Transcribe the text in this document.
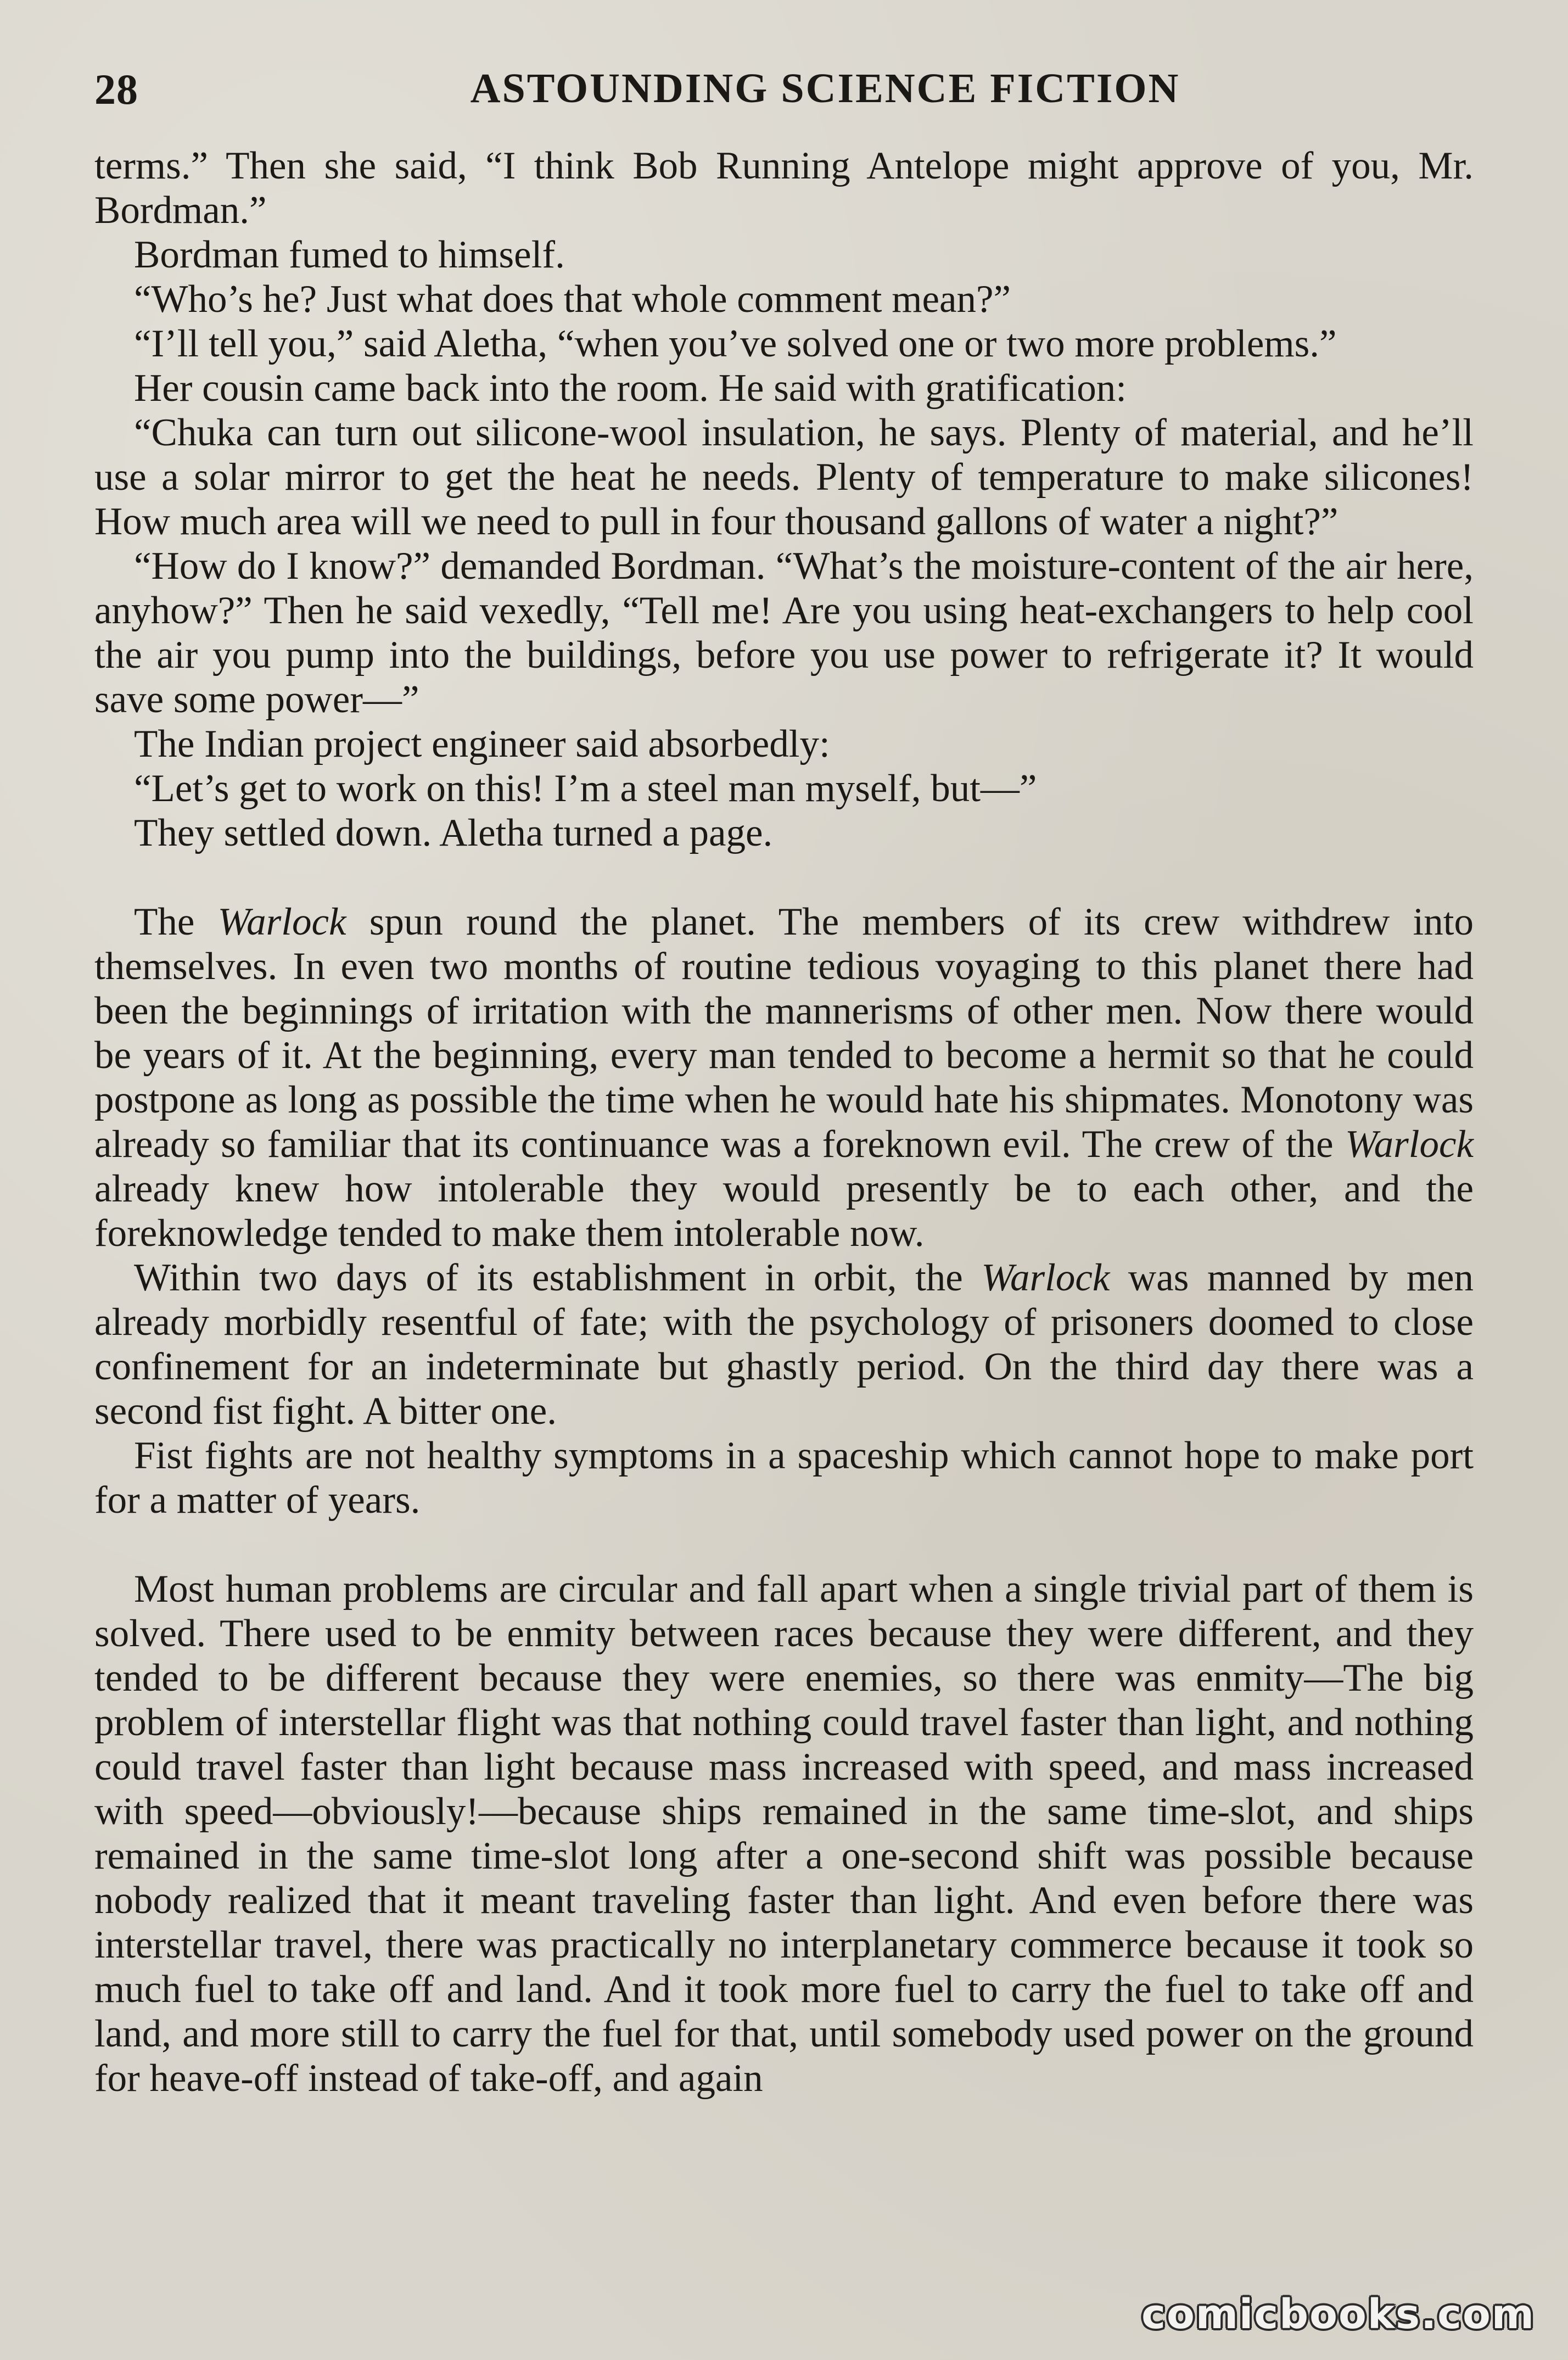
28	ASTOUNDING SCIENCE FICTION

terms.” Then she said, “I think Bob Running Antelope might approve of you, Mr. Bordman.”

Bordman fumed to himself.

“Who’s he? Just what does that whole comment mean?”

“I’ll tell you,” said Aletha, “when you’ve solved one or two more problems.”

Her cousin came back into the room. He said with gratification:

“Chuka can turn out silicone-wool insulation, he says. Plenty of material, and he’ll use a solar mirror to get the heat he needs. Plenty of temperature to make silicones! How much area will we need to pull in four thousand gallons of water a night?”

“How do I know?” demanded Bordman. “What’s the moisture-content of the air here, anyhow?” Then he said vexedly, “Tell me! Are you using heat-exchangers to help cool the air you pump into the buildings, before you use power to refrigerate it? It would save some power—”

The Indian project engineer said absorbedly:

“Let’s get to work on this! I’m a steel man myself, but—”

They settled down. Aletha turned a page.

The Warlock spun round the planet. The members of its crew withdrew into themselves. In even two months of routine tedious voyaging to this planet there had been the beginnings of irritation with the mannerisms of other men. Now there would be years of it. At the beginning, every man tended to become a hermit so that he could postpone as long as possible the time when he would hate his shipmates. Monotony was already so familiar that its continuance was a foreknown evil. The crew of the Warlock already knew how intolerable they would presently be to each other, and the foreknowledge tended to make them intolerable now.

Within two days of its establishment in orbit, the Warlock was manned by men already morbidly resentful of fate; with the psychology of prisoners doomed to close confinement for an indeterminate but ghastly period. On the third day there was a second fist fight. A bitter one.

Fist fights are not healthy symptoms in a spaceship which cannot hope to make port for a matter of years.

Most human problems are circular and fall apart when a single trivial part of them is solved. There used to be enmity between races because they were different, and they tended to be different because they were enemies, so there was enmity—The big problem of interstellar flight was that nothing could travel faster than light, and nothing could travel faster than light because mass increased with speed, and mass increased with speed—obviously!—because ships remained in the same time-slot, and ships remained in the same time-slot long after a one-second shift was possible because nobody realized that it meant traveling faster than light. And even before there was interstellar travel, there was practically no interplanetary commerce because it took so much fuel to take off and land. And it took more fuel to carry the fuel to take off and land, and more still to carry the fuel for that, until somebody used power on the ground for heave-off instead of take-off, and again

comicbooks.com
